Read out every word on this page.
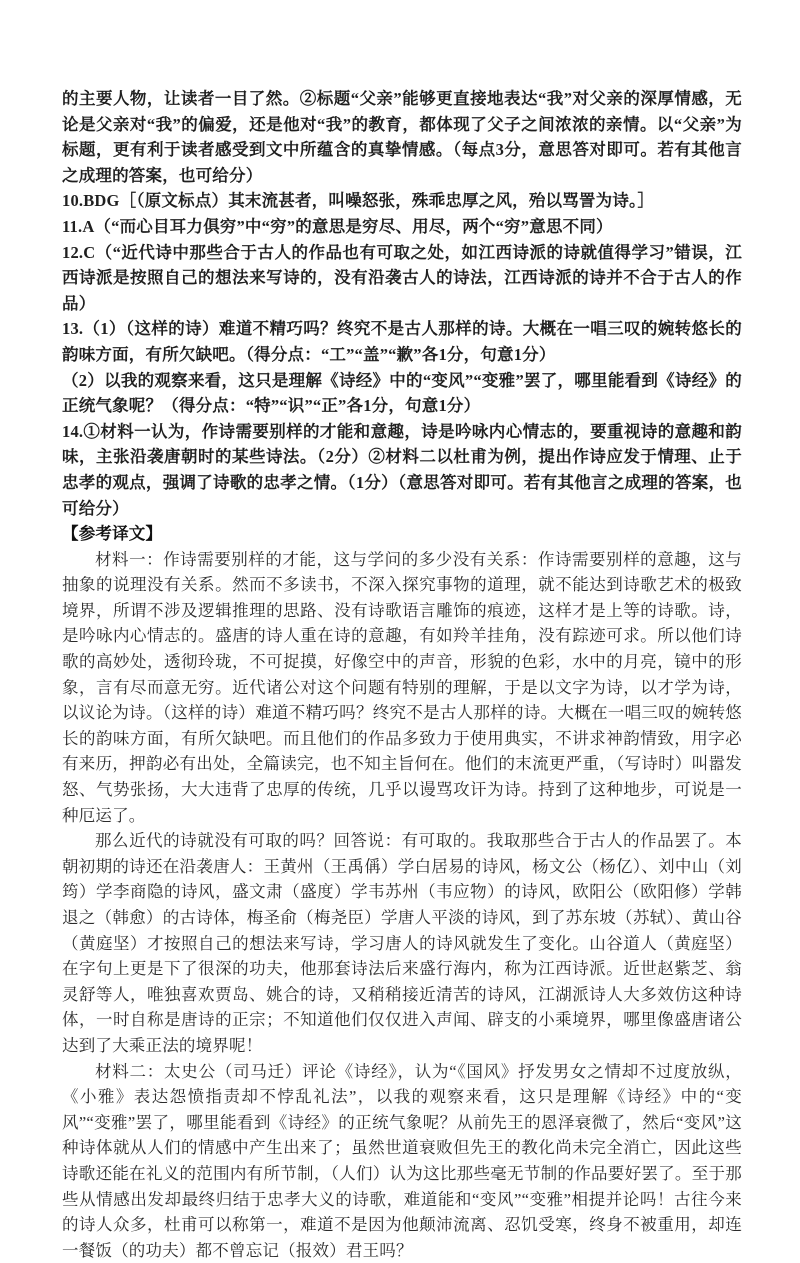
的主要人物，让读者一目了然。②标题“父亲”能够更直接地表达“我”对父亲的深厚情感，无论是父亲对“我”的偏爱，还是他对“我”的教育，都体现了父子之间浓浓的亲情。以“父亲”为标题，更有利于读者感受到文中所蕴含的真挚情感。（每点3分，意思答对即可。若有其他言之成理的答案，也可给分）

10.BDG［（原文标点）其末流甚者，叫噪怒张，殊乖忠厚之风，殆以骂詈为诗。］

11.A（“而心目耳力俱穷”中“穷”的意思是穷尽、用尽，两个“穷”意思不同）

12.C（“近代诗中那些合于古人的作品也有可取之处，如江西诗派的诗就值得学习”错误，江西诗派是按照自己的想法来写诗的，没有沿袭古人的诗法，江西诗派的诗并不合于古人的作品）

13.（1）（这样的诗）难道不精巧吗？终究不是古人那样的诗。大概在一唱三叹的婉转悠长的韵味方面，有所欠缺吧。（得分点：“工”“盖”“歉”各1分，句意1分）

（2）以我的观察来看，这只是理解《诗经》中的“变风”“变雅”罢了，哪里能看到《诗经》的正统气象呢？（得分点：“特”“识”“正”各1分，句意1分）

14.①材料一认为，作诗需要别样的才能和意趣，诗是吟咏内心情志的，要重视诗的意趣和韵味，主张沿袭唐朝时的某些诗法。（2分）②材料二以杜甫为例，提出作诗应发于情理、止于忠孝的观点，强调了诗歌的忠孝之情。（1分）（意思答对即可。若有其他言之成理的答案，也可给分）

【参考译文】

材料一：作诗需要别样的才能，这与学问的多少没有关系：作诗需要别样的意趣，这与抽象的说理没有关系。然而不多读书，不深入探究事物的道理，就不能达到诗歌艺术的极致境界，所谓不涉及逻辑推理的思路、没有诗歌语言雕饰的痕迹，这样才是上等的诗歌。诗，是吟咏内心情志的。盛唐的诗人重在诗的意趣，有如羚羊挂角，没有踪迹可求。所以他们诗歌的高妙处，透彻玲珑，不可捉摸，好像空中的声音，形貌的色彩，水中的月亮，镜中的形象，言有尽而意无穷。近代诸公对这个问题有特别的理解，于是以文字为诗，以才学为诗，以议论为诗。（这样的诗）难道不精巧吗？终究不是古人那样的诗。大概在一唱三叹的婉转悠长的韵味方面，有所欠缺吧。而且他们的作品多致力于使用典实，不讲求神韵情致，用字必有来历，押韵必有出处，全篇读完，也不知主旨何在。他们的末流更严重，（写诗时）叫嚣发怒、气势张扬，大大违背了忠厚的传统，几乎以谩骂攻讦为诗。持到了这种地步，可说是一种厄运了。

那么近代的诗就没有可取的吗？回答说：有可取的。我取那些合于古人的作品罢了。本朝初期的诗还在沿袭唐人：王黄州（王禹偁）学白居易的诗风，杨文公（杨亿）、刘中山（刘筠）学李商隐的诗风，盛文肃（盛度）学韦苏州（韦应物）的诗风，欧阳公（欧阳修）学韩退之（韩愈）的古诗体，梅圣俞（梅尧臣）学唐人平淡的诗风，到了苏东坡（苏轼）、黄山谷（黄庭坚）才按照自己的想法来写诗，学习唐人的诗风就发生了变化。山谷道人（黄庭坚）在字句上更是下了很深的功夫，他那套诗法后来盛行海内，称为江西诗派。近世赵紫芝、翁灵舒等人，唯独喜欢贾岛、姚合的诗，又稍稍接近清苦的诗风，江湖派诗人大多效仿这种诗体，一时自称是唐诗的正宗；不知道他们仅仅进入声闻、辟支的小乘境界，哪里像盛唐诸公达到了大乘正法的境界呢！

材料二：太史公（司马迁）评论《诗经》，认为“《国风》抒发男女之情却不过度放纵，《小雅》表达怨愤指责却不悖乱礼法”，以我的观察来看，这只是理解《诗经》中的“变风”“变雅”罢了，哪里能看到《诗经》的正统气象呢？从前先王的恩泽衰微了，然后“变风”这种诗体就从人们的情感中产生出来了；虽然世道衰败但先王的教化尚未完全消亡，因此这些诗歌还能在礼义的范围内有所节制，（人们）认为这比那些毫无节制的作品要好罢了。至于那些从情感出发却最终归结于忠孝大义的诗歌，难道能和“变风”“变雅”相提并论吗！古往今来的诗人众多，杜甫可以称第一，难道不是因为他颠沛流离、忍饥受寒，终身不被重用，却连一餐饭（的功夫）都不曾忘记（报效）君王吗？
